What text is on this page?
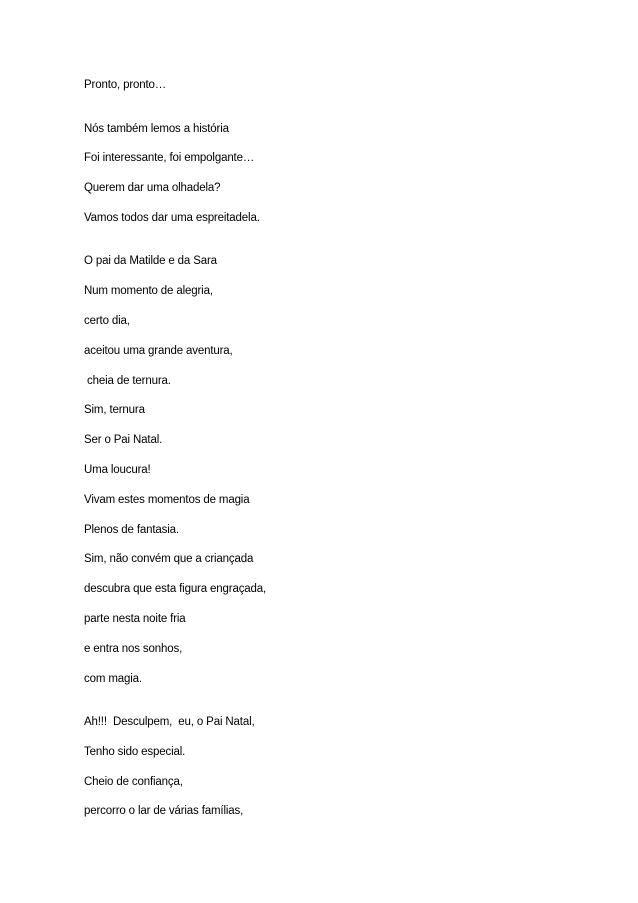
Pronto, pronto…

Nós também lemos a história

Foi interessante, foi empolgante…

Querem dar uma olhadela?

Vamos todos dar uma espreitadela.

O pai da Matilde e da Sara

Num momento de alegria,

certo dia,

aceitou uma grande aventura,

cheia de ternura.

Sim, ternura

Ser o Pai Natal.

Uma loucura!

Vivam estes momentos de magia

Plenos de fantasia.

Sim, não convém que a criançada

descubra que esta figura engraçada,

parte nesta noite fria

e entra nos sonhos,

com magia.

Ah!!!  Desculpem,  eu, o Pai Natal,

Tenho sido especial.

Cheio de confiança,

percorro o lar de várias famílias,
